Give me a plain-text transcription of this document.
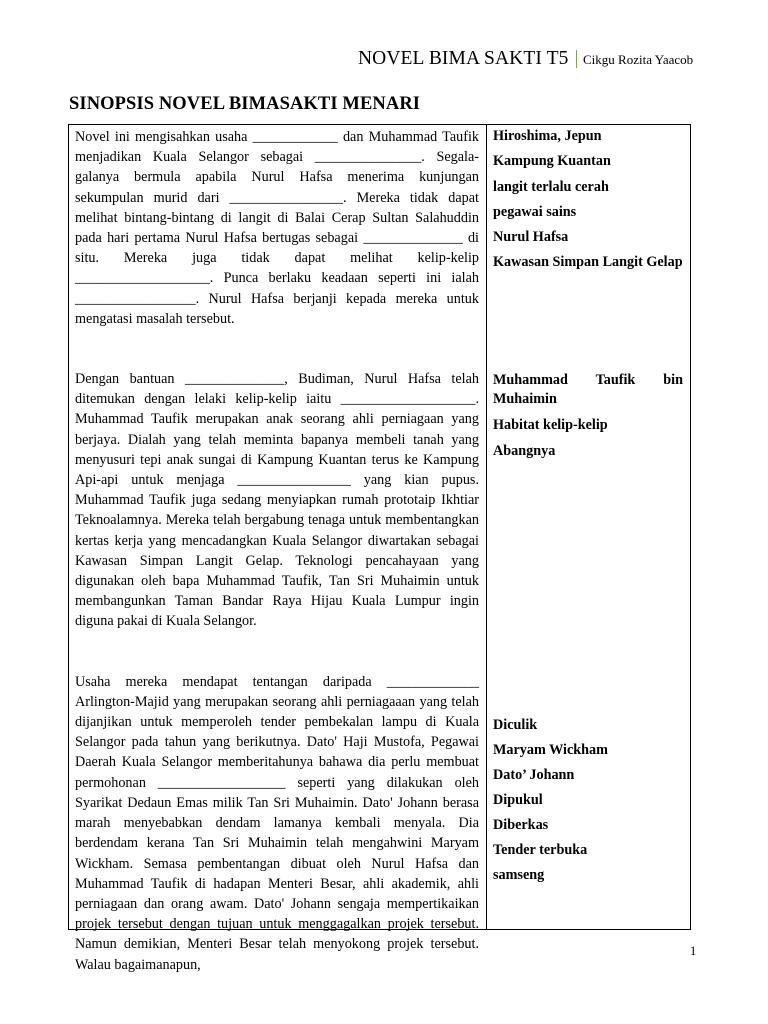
NOVEL BIMA SAKTI T5	Cikgu Rozita Yaacob
SINOPSIS NOVEL BIMASAKTI MENARI

Novel ini mengisahkan usaha ____________ dan Muhammad Taufik menjadikan Kuala Selangor sebagai _______________. Segala-galanya bermula apabila Nurul Hafsa menerima kunjungan sekumpulan murid dari ________________. Mereka tidak dapat melihat bintang-bintang di langit di Balai Cerap Sultan Salahuddin pada hari pertama Nurul Hafsa bertugas sebagai ______________ di situ. Mereka juga tidak dapat melihat kelip-kelip ___________________. Punca berlaku keadaan seperti ini ialah _________________. Nurul Hafsa berjanji kepada mereka untuk mengatasi masalah tersebut.

Dengan bantuan ______________, Budiman, Nurul Hafsa telah ditemukan dengan lelaki kelip-kelip iaitu ___________________. Muhammad Taufik merupakan anak seorang ahli perniagaan yang berjaya. Dialah yang telah meminta bapanya membeli tanah yang menyusuri tepi anak sungai di Kampung Kuantan terus ke Kampung Api-api untuk menjaga ________________ yang kian pupus. Muhammad Taufik juga sedang menyiapkan rumah prototaip Ikhtiar Teknoalamnya. Mereka telah bergabung tenaga untuk membentangkan kertas kerja yang mencadangkan Kuala Selangor diwartakan sebagai Kawasan Simpan Langit Gelap. Teknologi pencahayaan yang digunakan oleh bapa Muhammad Taufik, Tan Sri Muhaimin untuk membangunkan Taman Bandar Raya Hijau Kuala Lumpur ingin diguna pakai di Kuala Selangor.

Usaha mereka mendapat tentangan daripada _____________ Arlington-Majid yang merupakan seorang ahli perniagaaan yang telah dijanjikan untuk memperoleh tender pembekalan lampu di Kuala Selangor pada tahun yang berikutnya. Dato' Haji Mustofa, Pegawai Daerah Kuala Selangor memberitahunya bahawa dia perlu membuat permohonan __________________ seperti yang dilakukan oleh Syarikat Dedaun Emas milik Tan Sri Muhaimin. Dato' Johann berasa marah menyebabkan dendam lamanya kembali menyala. Dia berdendam kerana Tan Sri Muhaimin telah mengahwini Maryam Wickham. Semasa pembentangan dibuat oleh Nurul Hafsa dan Muhammad Taufik di hadapan Menteri Besar, ahli akademik, ahli perniagaan dan orang awam. Dato' Johann sengaja mempertikaikan projek tersebut dengan tujuan untuk menggagalkan projek tersebut. Namun demikian, Menteri Besar telah menyokong projek tersebut. Walau bagaimanapun,

Hiroshima, Jepun
Kampung Kuantan
langit terlalu cerah
pegawai sains
Nurul Hafsa
Kawasan Simpan Langit Gelap
Muhammad Taufik bin Muhaimin
Habitat kelip-kelip
Abangnya
Diculik
Maryam Wickham
Dato’ Johann
Dipukul
Diberkas
Tender terbuka
samseng
1
